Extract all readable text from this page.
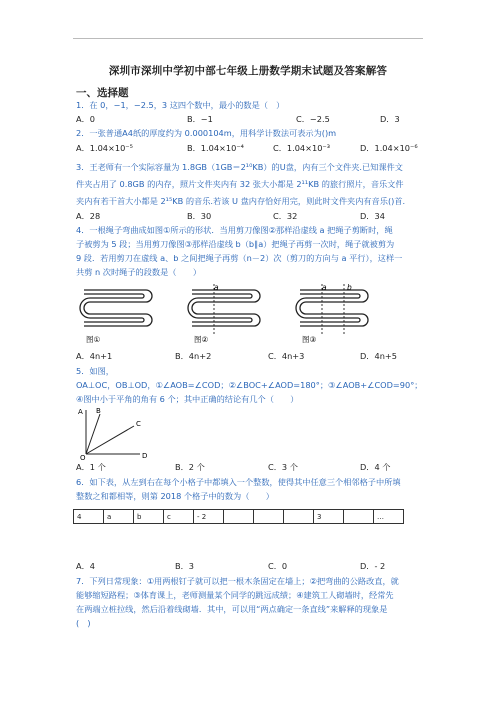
深圳市深圳中学初中部七年级上册数学期末试题及答案解答
一、选择题
1．在 0，−1，−2.5，3 这四个数中，最小的数是（　）
A．0	B．−1	C．−2.5	D．3
2．一张普通A4纸的厚度约为 0.000104m，用科学计数法可表示为()m
A．1.04×10⁻⁵	B．1.04×10⁻⁴	C．1.04×10⁻³	D．1.04×10⁻⁶
3．王老师有一个实际容量为 1.8GB（1GB＝2¹⁰KB）的U盘，内有三个文件夹.已知课件文
件夹占用了 0.8GB 的内存，照片文件夹内有 32 张大小都是 2¹¹KB 的旅行照片，音乐文件
夹内有若干首大小都是 2¹⁵KB 的音乐.若该 U 盘内存恰好用完，则此时文件夹内有音乐()首.
A．28	B．30	C．32	D．34
4．一根绳子弯曲成如图①所示的形状．当用剪刀像图②那样沿虚线 a 把绳子剪断时，绳
子被剪为 5 段；当用剪刀像图③那样沿虚线 b（b∥a）把绳子再剪一次时，绳子就被剪为
9 段．若用剪刀在虚线 a、b 之间把绳子再剪（n－2）次（剪刀的方向与 a 平行），这样一
共剪 n 次时绳子的段数是（　　）
a	a	b
图①	图②	图③
A．4n+1	B．4n+2	C．4n+3	D．4n+5
5．如图，
OA⊥OC，OB⊥OD，①∠AOB=∠COD；②∠BOC+∠AOD=180°；③∠AOB+∠COD=90°；
④图中小于平角的角有 6 个；其中正确的结论有几个（　　）
A B
C
D
O
A．1 个	B．2 个	C．3 个	D．4 个
6．如下表，从左到右在每个小格子中都填入一个整数，使得其中任意三个相邻格子中所填
整数之和都相等，则第 2018 个格子中的数为（　　）
4	a	b	c	- 2				3		…
A．4	B．3	C．0	D．- 2
7．下列日常现象：①用两根钉子就可以把一根木条固定在墙上；②把弯曲的公路改直，就
能够缩短路程；③体育课上，老师测量某个同学的跳远成绩；④建筑工人砌墙时，经常先
在两端立桩拉线，然后沿着线砌墙．其中，可以用“两点确定一条直线”来解释的现象是
(　)
